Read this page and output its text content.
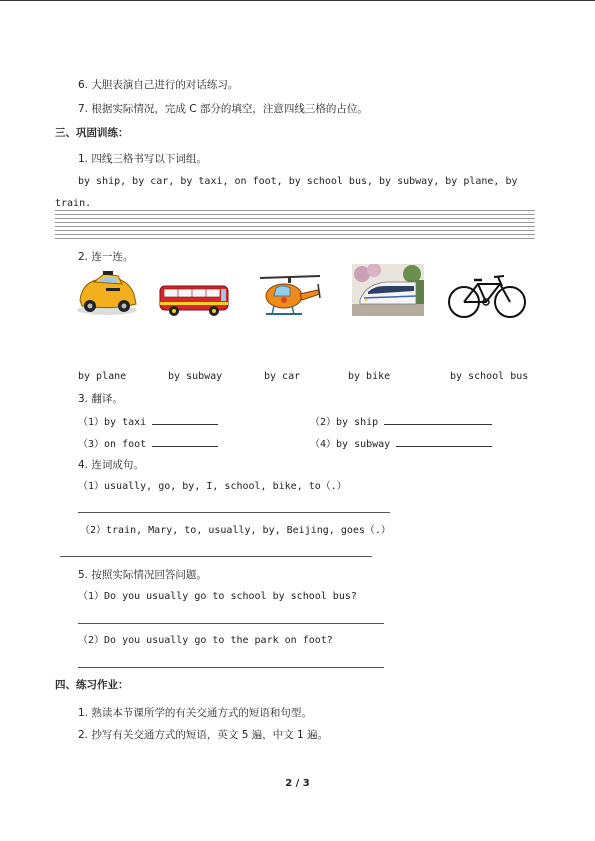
6. 大胆表演自己进行的对话练习。
7. 根据实际情况，完成 C 部分的填空，注意四线三格的占位。
三、巩固训练：
1. 四线三格书写以下词组。
by ship, by car, by taxi, on foot, by school bus, by subway, by plane, by
train.
2. 连一连。
by plane	by subway	by car	by bike	by school bus
3. 翻译。
（1）by taxi	（2）by ship
（3）on foot	（4）by subway
4. 连词成句。
（1）usually, go, by, I, school, bike, to（.）
（2）train, Mary, to, usually, by, Beijing, goes（.）
5. 按照实际情况回答问题。
（1）Do you usually go to school by school bus?
（2）Do you usually go to the park on foot?
四、练习作业：
1. 熟读本节课所学的有关交通方式的短语和句型。
2. 抄写有关交通方式的短语，英文 5 遍，中文 1 遍。
2 / 3
